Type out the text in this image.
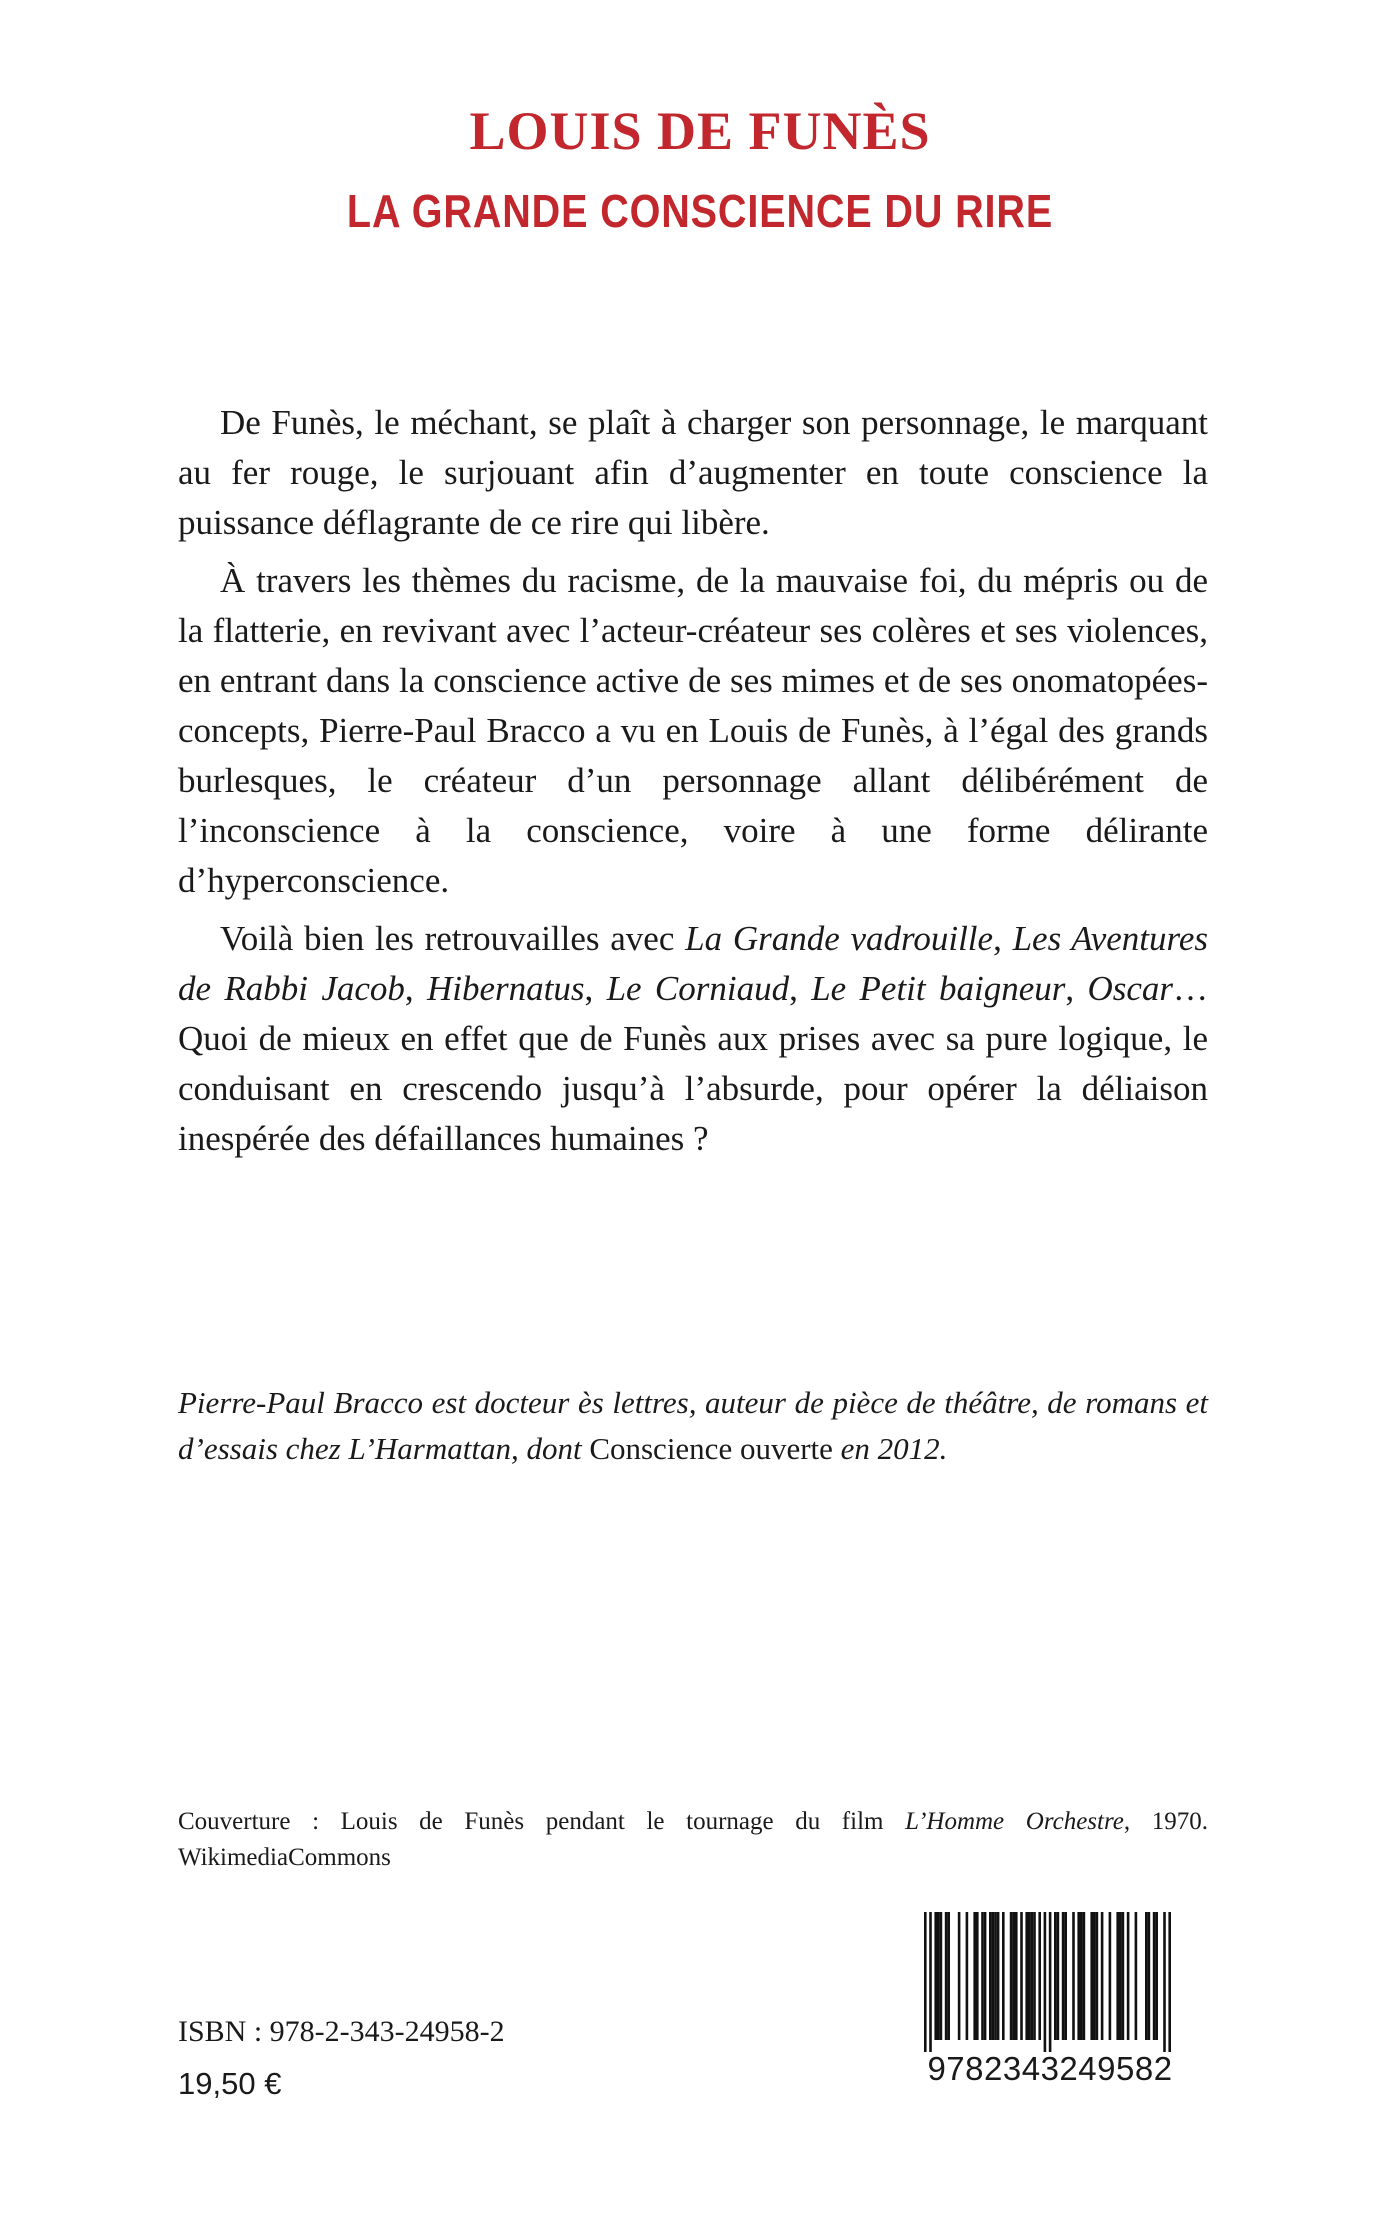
LOUIS DE FUNÈS
LA GRANDE CONSCIENCE DU RIRE

De Funès, le méchant, se plaît à charger son personnage, le marquant au fer rouge, le surjouant afin d’augmenter en toute conscience la puissance déflagrante de ce rire qui libère.

À travers les thèmes du racisme, de la mauvaise foi, du mépris ou de la flatterie, en revivant avec l’acteur-créateur ses colères et ses violences, en entrant dans la conscience active de ses mimes et de ses onomatopées-concepts, Pierre-Paul Bracco a vu en Louis de Funès, à l’égal des grands burlesques, le créateur d’un personnage allant délibérément de l’inconscience à la conscience, voire à une forme délirante d’hyperconscience.

Voilà bien les retrouvailles avec La Grande vadrouille, Les Aventures de Rabbi Jacob, Hibernatus, Le Corniaud, Le Petit baigneur, Oscar… Quoi de mieux en effet que de Funès aux prises avec sa pure logique, le conduisant en crescendo jusqu’à l’absurde, pour opérer la déliaison inespérée des défaillances humaines ?

Pierre-Paul Bracco est docteur ès lettres, auteur de pièce de théâtre, de romans et d’essais chez L’Harmattan, dont Conscience ouverte en 2012.

Couverture : Louis de Funès pendant le tournage du film L’Homme Orchestre, 1970. WikimediaCommons

ISBN : 978-2-343-24958-2

19,50 €	9782343249582
